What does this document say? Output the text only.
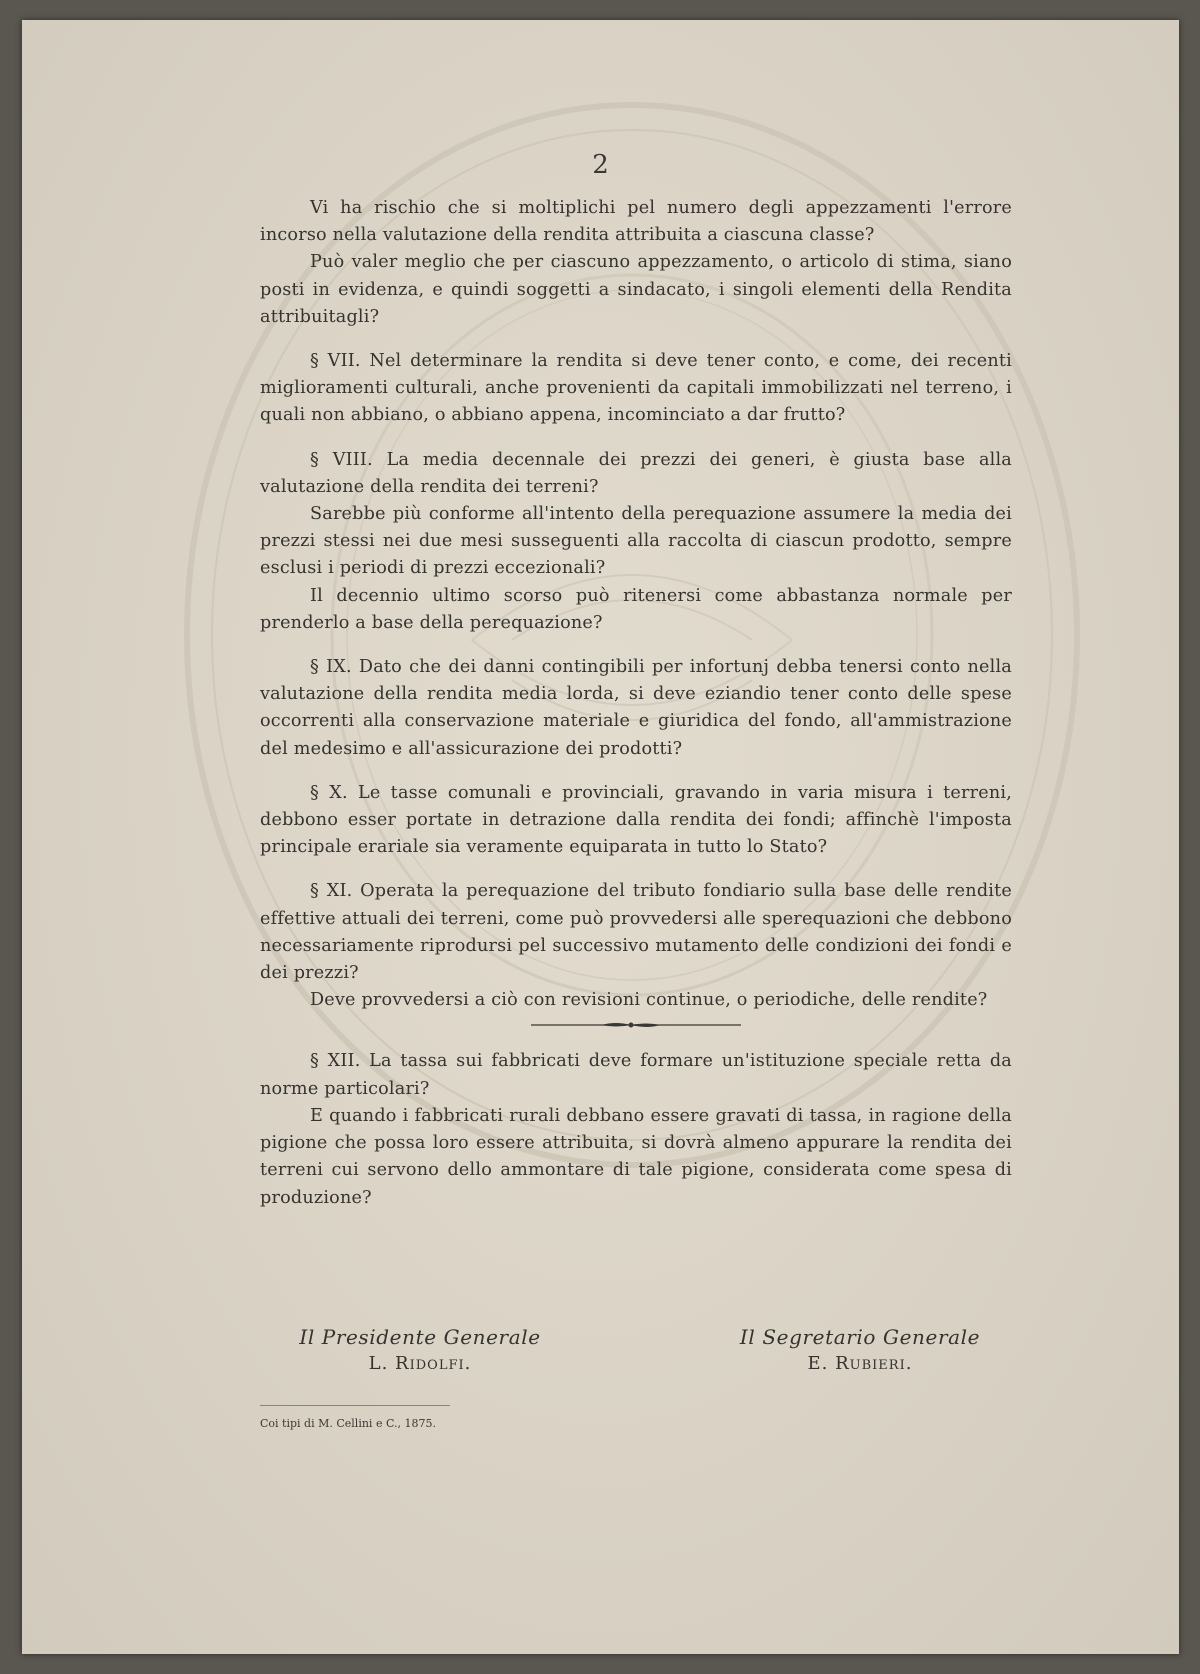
2

Vi ha rischio che si moltiplichi pel numero degli appezzamenti l'errore incorso nella valutazione della rendita attribuita a ciascuna classe?

Può valer meglio che per ciascuno appezzamento, o articolo di stima, siano posti in evidenza, e quindi soggetti a sindacato, i singoli elementi della Rendita attribuitagli?

§ VII. Nel determinare la rendita si deve tener conto, e come, dei recenti miglioramenti culturali, anche provenienti da capitali immobilizzati nel terreno, i quali non abbiano, o abbiano appena, incominciato a dar frutto?

§ VIII. La media decennale dei prezzi dei generi, è giusta base alla valutazione della rendita dei terreni?

Sarebbe più conforme all'intento della perequazione assumere la media dei prezzi stessi nei due mesi susseguenti alla raccolta di ciascun prodotto, sempre esclusi i periodi di prezzi eccezionali?

Il decennio ultimo scorso può ritenersi come abbastanza normale per prenderlo a base della perequazione?

§ IX. Dato che dei danni contingibili per infortunj debba tenersi conto nella valutazione della rendita media lorda, si deve eziandio tener conto delle spese occorrenti alla conservazione materiale e giuridica del fondo, all'ammistrazione del medesimo e all'assicurazione dei prodotti?

§ X. Le tasse comunali e provinciali, gravando in varia misura i terreni, debbono esser portate in detrazione dalla rendita dei fondi; affinchè l'imposta principale erariale sia veramente equiparata in tutto lo Stato?

§ XI. Operata la perequazione del tributo fondiario sulla base delle rendite effettive attuali dei terreni, come può provvedersi alle sperequazioni che debbono necessariamente riprodursi pel successivo mutamento delle condizioni dei fondi e dei prezzi?

Deve provvedersi a ciò con revisioni continue, o periodiche, delle rendite?

§ XII. La tassa sui fabbricati deve formare un'istituzione speciale retta da norme particolari?

E quando i fabbricati rurali debbano essere gravati di tassa, in ragione della pigione che possa loro essere attribuita, si dovrà almeno appurare la rendita dei terreni cui servono dello ammontare di tale pigione, considerata come spesa di produzione?

Il Presidente Generale
L. Ridolfi.
Il Segretario Generale
E. Rubieri.
Coi tipi di M. Cellini e C., 1875.
